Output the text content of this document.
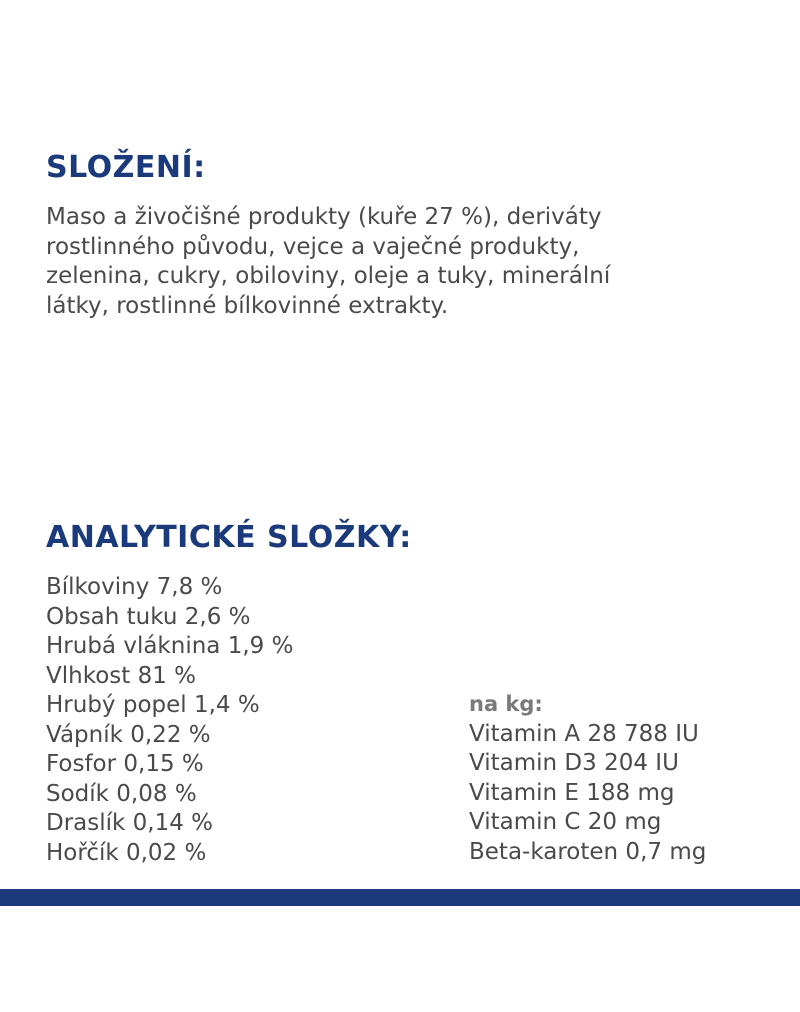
SLOŽENÍ:

Maso a živočišné produkty (kuře 27 %), deriváty
rostlinného původu, vejce a vaječné produkty,
zelenina, cukry, obiloviny, oleje a tuky, minerální
látky, rostlinné bílkovinné extrakty.

ANALYTICKÉ SLOŽKY:
Bílkoviny 7,8 %
Obsah tuku 2,6 %
Hrubá vláknina 1,9 %
Vlhkost 81 %
Hrubý popel 1,4 %
Vápník 0,22 %
Fosfor 0,15 %
Sodík 0,08 %
Draslík 0,14 %
Hořčík 0,02 %
na kg:
Vitamin A 28 788 IU
Vitamin D3 204 IU
Vitamin E 188 mg
Vitamin C 20 mg
Beta-karoten 0,7 mg
